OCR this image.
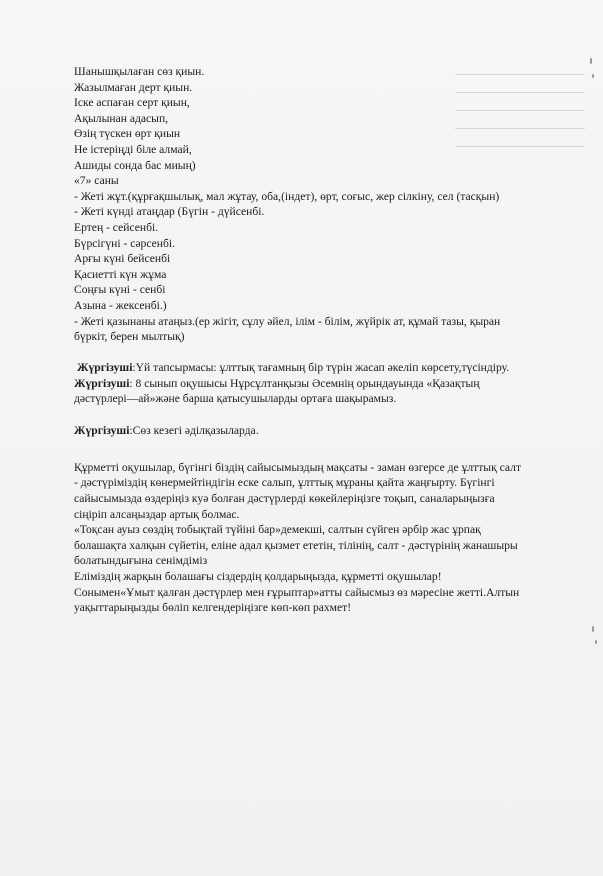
Шанышқылаған сөз қиын.
Жазылмаған дерт қиын.
Іске аспаған серт қиын,
Ақылынан адасып,
Өзің түскен өрт қиын
Не істеріңді біле алмай,
Ашиды сонда бас миың)
«7» саны
- Жеті жұт.(құрғақшылық, мал жұтау, оба,(індет), өрт, соғыс, жер сілкіну, сел (тасқын)
- Жеті күнді атаңдар (Бүгін - дүйсенбі.
Ертең - сейсенбі.
Бүрсігүні - сәрсенбі.
Арғы күні бейсенбі
Қасиетті күн жұма
Соңғы күні - сенбі
Азына - жексенбі.)
- Жеті қазынаны атаңыз.(ер жігіт, сұлу әйел, ілім - білім, жүйрік ат, құмай тазы, қыран
бүркіт, берен мылтық)
Жүргізуші:Үй тапсырмасы: ұлттық тағамның бір түрін жасап әкеліп көрсету,түсіндіру.
Жүргізуші: 8 сынып оқушысы Нұрсұлтанқызы Әсемнің орындауында «Қазақтың
дәстүрлері—ай»және барша қатысушыларды ортаға шақырамыз.
Жүргізуші:Сөз кезегі әділқазыларда.
Құрметті оқушылар, бүгінгі біздің сайысымыздың мақсаты - заман өзгерсе де ұлттық салт
- дәстүріміздің көнермейтіндігін еске салып, ұлттық мұраны қайта жаңғырту. Бүгінгі
сайысымызда өздеріңіз куә болған дәстүрлерді көкейлеріңізге тоқып, саналарыңызға
сіңіріп алсаңыздар артық болмас.
«Тоқсан ауыз сөздің тобықтай түйіні бар»демекші, салтын сүйген әрбір жас ұрпақ
болашақта халқын сүйетін, еліне адал қызмет ететін, тілінің, салт - дәстүрінің жанашыры
болатындығына сенімдіміз
Еліміздің жарқын болашағы сіздердің қолдарыңызда, құрметті оқушылар!
Сонымен«Ұмыт қалған дәстүрлер мен ғұрыптар»атты сайысмыз өз мәресіне жетті.Алтын
уақыттарыңызды бөліп келгендеріңізге көп-көп рахмет!
